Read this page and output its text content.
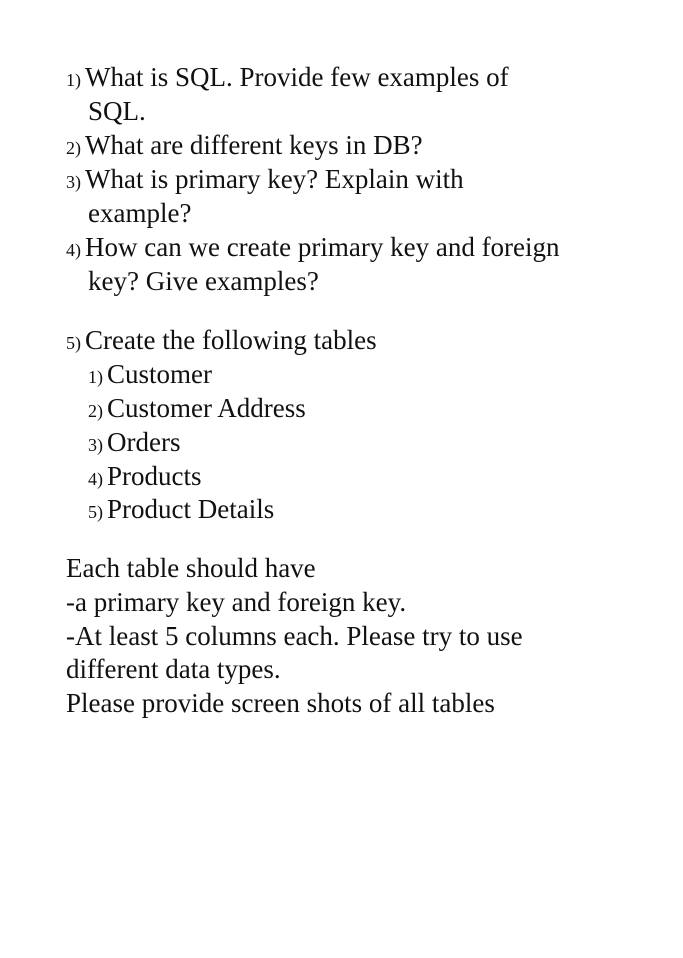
1) What is SQL. Provide few examples of
SQL.
2) What are different keys in DB?
3) What is primary key? Explain with
example?
4) How can we create primary key and foreign
key? Give examples?
5) Create the following tables
1) Customer
2) Customer Address
3) Orders
4) Products
5) Product Details
Each table should have
-a primary key and foreign key.
-At least 5 columns each. Please try to use
different data types.
Please provide screen shots of all tables
